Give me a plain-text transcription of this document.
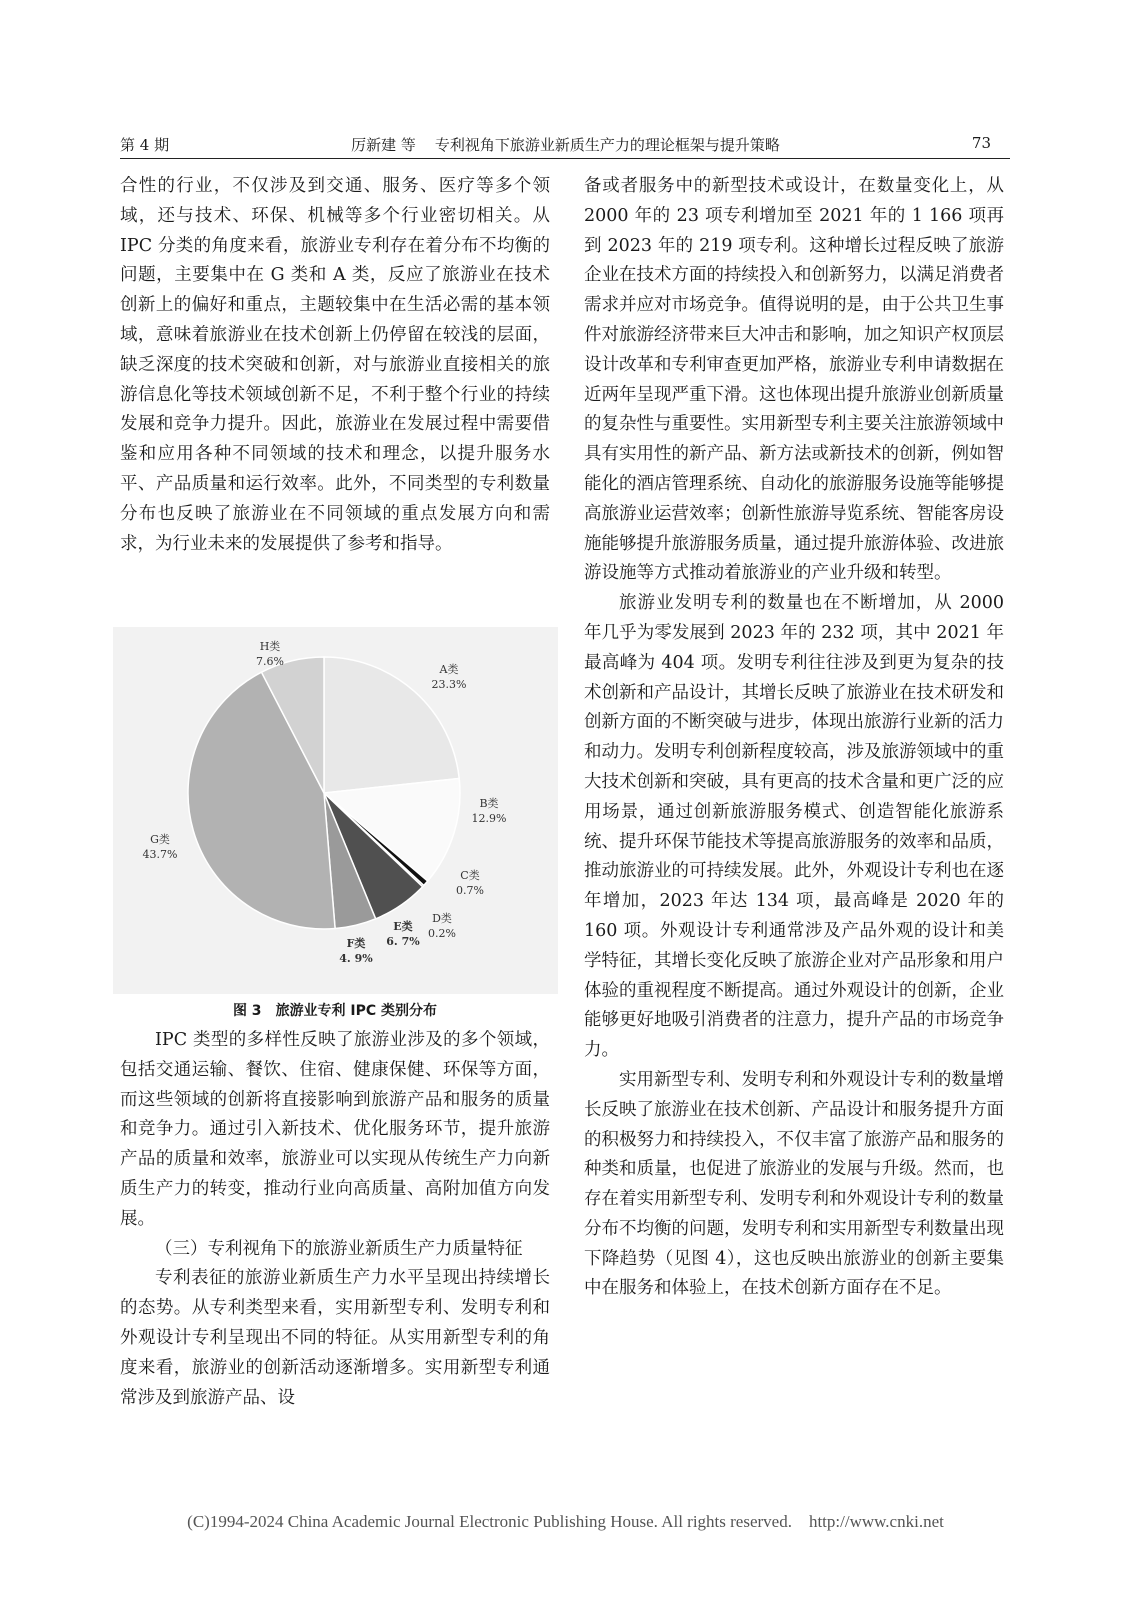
第 4 期	厉新建 等    专利视角下旅游业新质生产力的理论框架与提升策略	73

合性的行业，不仅涉及到交通、服务、医疗等多个领域，还与技术、环保、机械等多个行业密切相关。从 IPC 分类的角度来看，旅游业专利存在着分布不均衡的问题，主要集中在 G 类和 A 类，反应了旅游业在技术创新上的偏好和重点，主题较集中在生活必需的基本领域，意味着旅游业在技术创新上仍停留在较浅的层面，缺乏深度的技术突破和创新，对与旅游业直接相关的旅游信息化等技术领域创新不足，不利于整个行业的持续发展和竞争力提升。因此，旅游业在发展过程中需要借鉴和应用各种不同领域的技术和理念，以提升服务水平、产品质量和运行效率。此外，不同类型的专利数量分布也反映了旅游业在不同领域的重点发展方向和需求，为行业未来的发展提供了参考和指导。

A类
23.3%
B类
12.9%
C类
0.7%
D类
0.2%
E类
6. 7%
F类
4. 9%
G类
43.7%
H类
7.6%
图 3 旅游业专利 IPC 类别分布

IPC 类型的多样性反映了旅游业涉及的多个领域，包括交通运输、餐饮、住宿、健康保健、环保等方面，而这些领域的创新将直接影响到旅游产品和服务的质量和竞争力。通过引入新技术、优化服务环节，提升旅游产品的质量和效率，旅游业可以实现从传统生产力向新质生产力的转变，推动行业向高质量、高附加值方向发展。

（三）专利视角下的旅游业新质生产力质量特征

专利表征的旅游业新质生产力水平呈现出持续增长的态势。从专利类型来看，实用新型专利、发明专利和外观设计专利呈现出不同的特征。从实用新型专利的角度来看，旅游业的创新活动逐渐增多。实用新型专利通常涉及到旅游产品、设

备或者服务中的新型技术或设计，在数量变化上，从 2000 年的 23 项专利增加至 2021 年的 1 166 项再到 2023 年的 219 项专利。这种增长过程反映了旅游企业在技术方面的持续投入和创新努力，以满足消费者需求并应对市场竞争。值得说明的是，由于公共卫生事件对旅游经济带来巨大冲击和影响，加之知识产权顶层设计改革和专利审查更加严格，旅游业专利申请数据在近两年呈现严重下滑。这也体现出提升旅游业创新质量的复杂性与重要性。实用新型专利主要关注旅游领域中具有实用性的新产品、新方法或新技术的创新，例如智能化的酒店管理系统、自动化的旅游服务设施等能够提高旅游业运营效率；创新性旅游导览系统、智能客房设施能够提升旅游服务质量，通过提升旅游体验、改进旅游设施等方式推动着旅游业的产业升级和转型。

旅游业发明专利的数量也在不断增加，从 2000 年几乎为零发展到 2023 年的 232 项，其中 2021 年最高峰为 404 项。发明专利往往涉及到更为复杂的技术创新和产品设计，其增长反映了旅游业在技术研发和创新方面的不断突破与进步，体现出旅游行业新的活力和动力。发明专利创新程度较高，涉及旅游领域中的重大技术创新和突破，具有更高的技术含量和更广泛的应用场景，通过创新旅游服务模式、创造智能化旅游系统、提升环保节能技术等提高旅游服务的效率和品质，推动旅游业的可持续发展。此外，外观设计专利也在逐年增加，2023 年达 134 项，最高峰是 2020 年的 160 项。外观设计专利通常涉及产品外观的设计和美学特征，其增长变化反映了旅游企业对产品形象和用户体验的重视程度不断提高。通过外观设计的创新，企业能够更好地吸引消费者的注意力，提升产品的市场竞争力。

实用新型专利、发明专利和外观设计专利的数量增长反映了旅游业在技术创新、产品设计和服务提升方面的积极努力和持续投入，不仅丰富了旅游产品和服务的种类和质量，也促进了旅游业的发展与升级。然而，也存在着实用新型专利、发明专利和外观设计专利的数量分布不均衡的问题，发明专利和实用新型专利数量出现下降趋势（见图 4），这也反映出旅游业的创新主要集中在服务和体验上，在技术创新方面存在不足。

(C)1994-2024 China Academic Journal Electronic Publishing House. All rights reserved.    http://www.cnki.net
